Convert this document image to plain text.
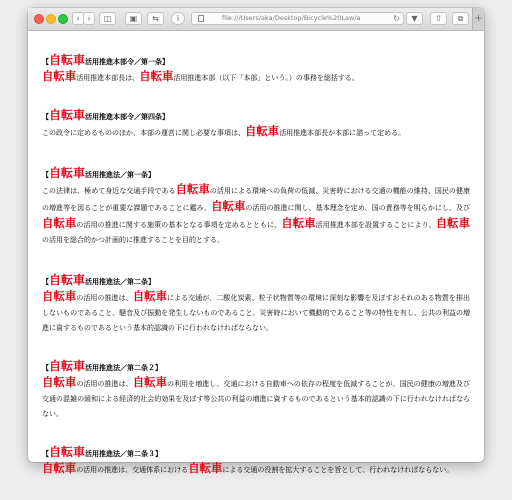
‹ ›	◫	▣	⇆	i	file:///Users/aka/Desktop/Bicycle%20Law/a	↻	▼	⇧	⧉	+
【自転車活用推進本部令／第一条】

自転車活用推進本部長は、自転車活用推進本部（以下「本部」という。）の事務を総括する。

【自転車活用推進本部令／第四条】

この政令に定めるもののほか、本部の運営に関し必要な事項は、自転車活用推進本部長が本部に諮って定める。

【自転車活用推進法／第一条】

この法律は、極めて身近な交通手段である自転車の活用による環境への負荷の低減、災害時における交通の機能の維持、国民の健康の増進等を図ることが重要な課題であることに鑑み、自転車の活用の推進に関し、基本理念を定め、国の責務等を明らかにし、及び自転車の活用の推進に関する施策の基本となる事項を定めるとともに、自転車活用推進本部を設置することにより、自転車の活用を総合的かつ計画的に推進することを目的とする。

【自転車活用推進法／第二条】

自転車の活用の推進は、自転車による交通が、二酸化炭素、粒子状物質等の環境に深刻な影響を及ぼすおそれのある物質を排出しないものであること、騒音及び振動を発生しないものであること、災害時において機動的であること等の特性を有し、公共の利益の増進に資するものであるという基本的認識の下に行われなければならない。

【自転車活用推進法／第二条２】

自転車の活用の推進は、自転車の利用を増進し、交通における自動車への依存の程度を低減することが、国民の健康の増進及び交通の混雑の緩和による経済的社会的効果を及ぼす等公共の利益の増進に資するものであるという基本的認識の下に行われなければならない。

【自転車活用推進法／第二条３】

自転車の活用の推進は、交通体系における自転車による交通の役割を拡大することを旨として、行われなければならない。
